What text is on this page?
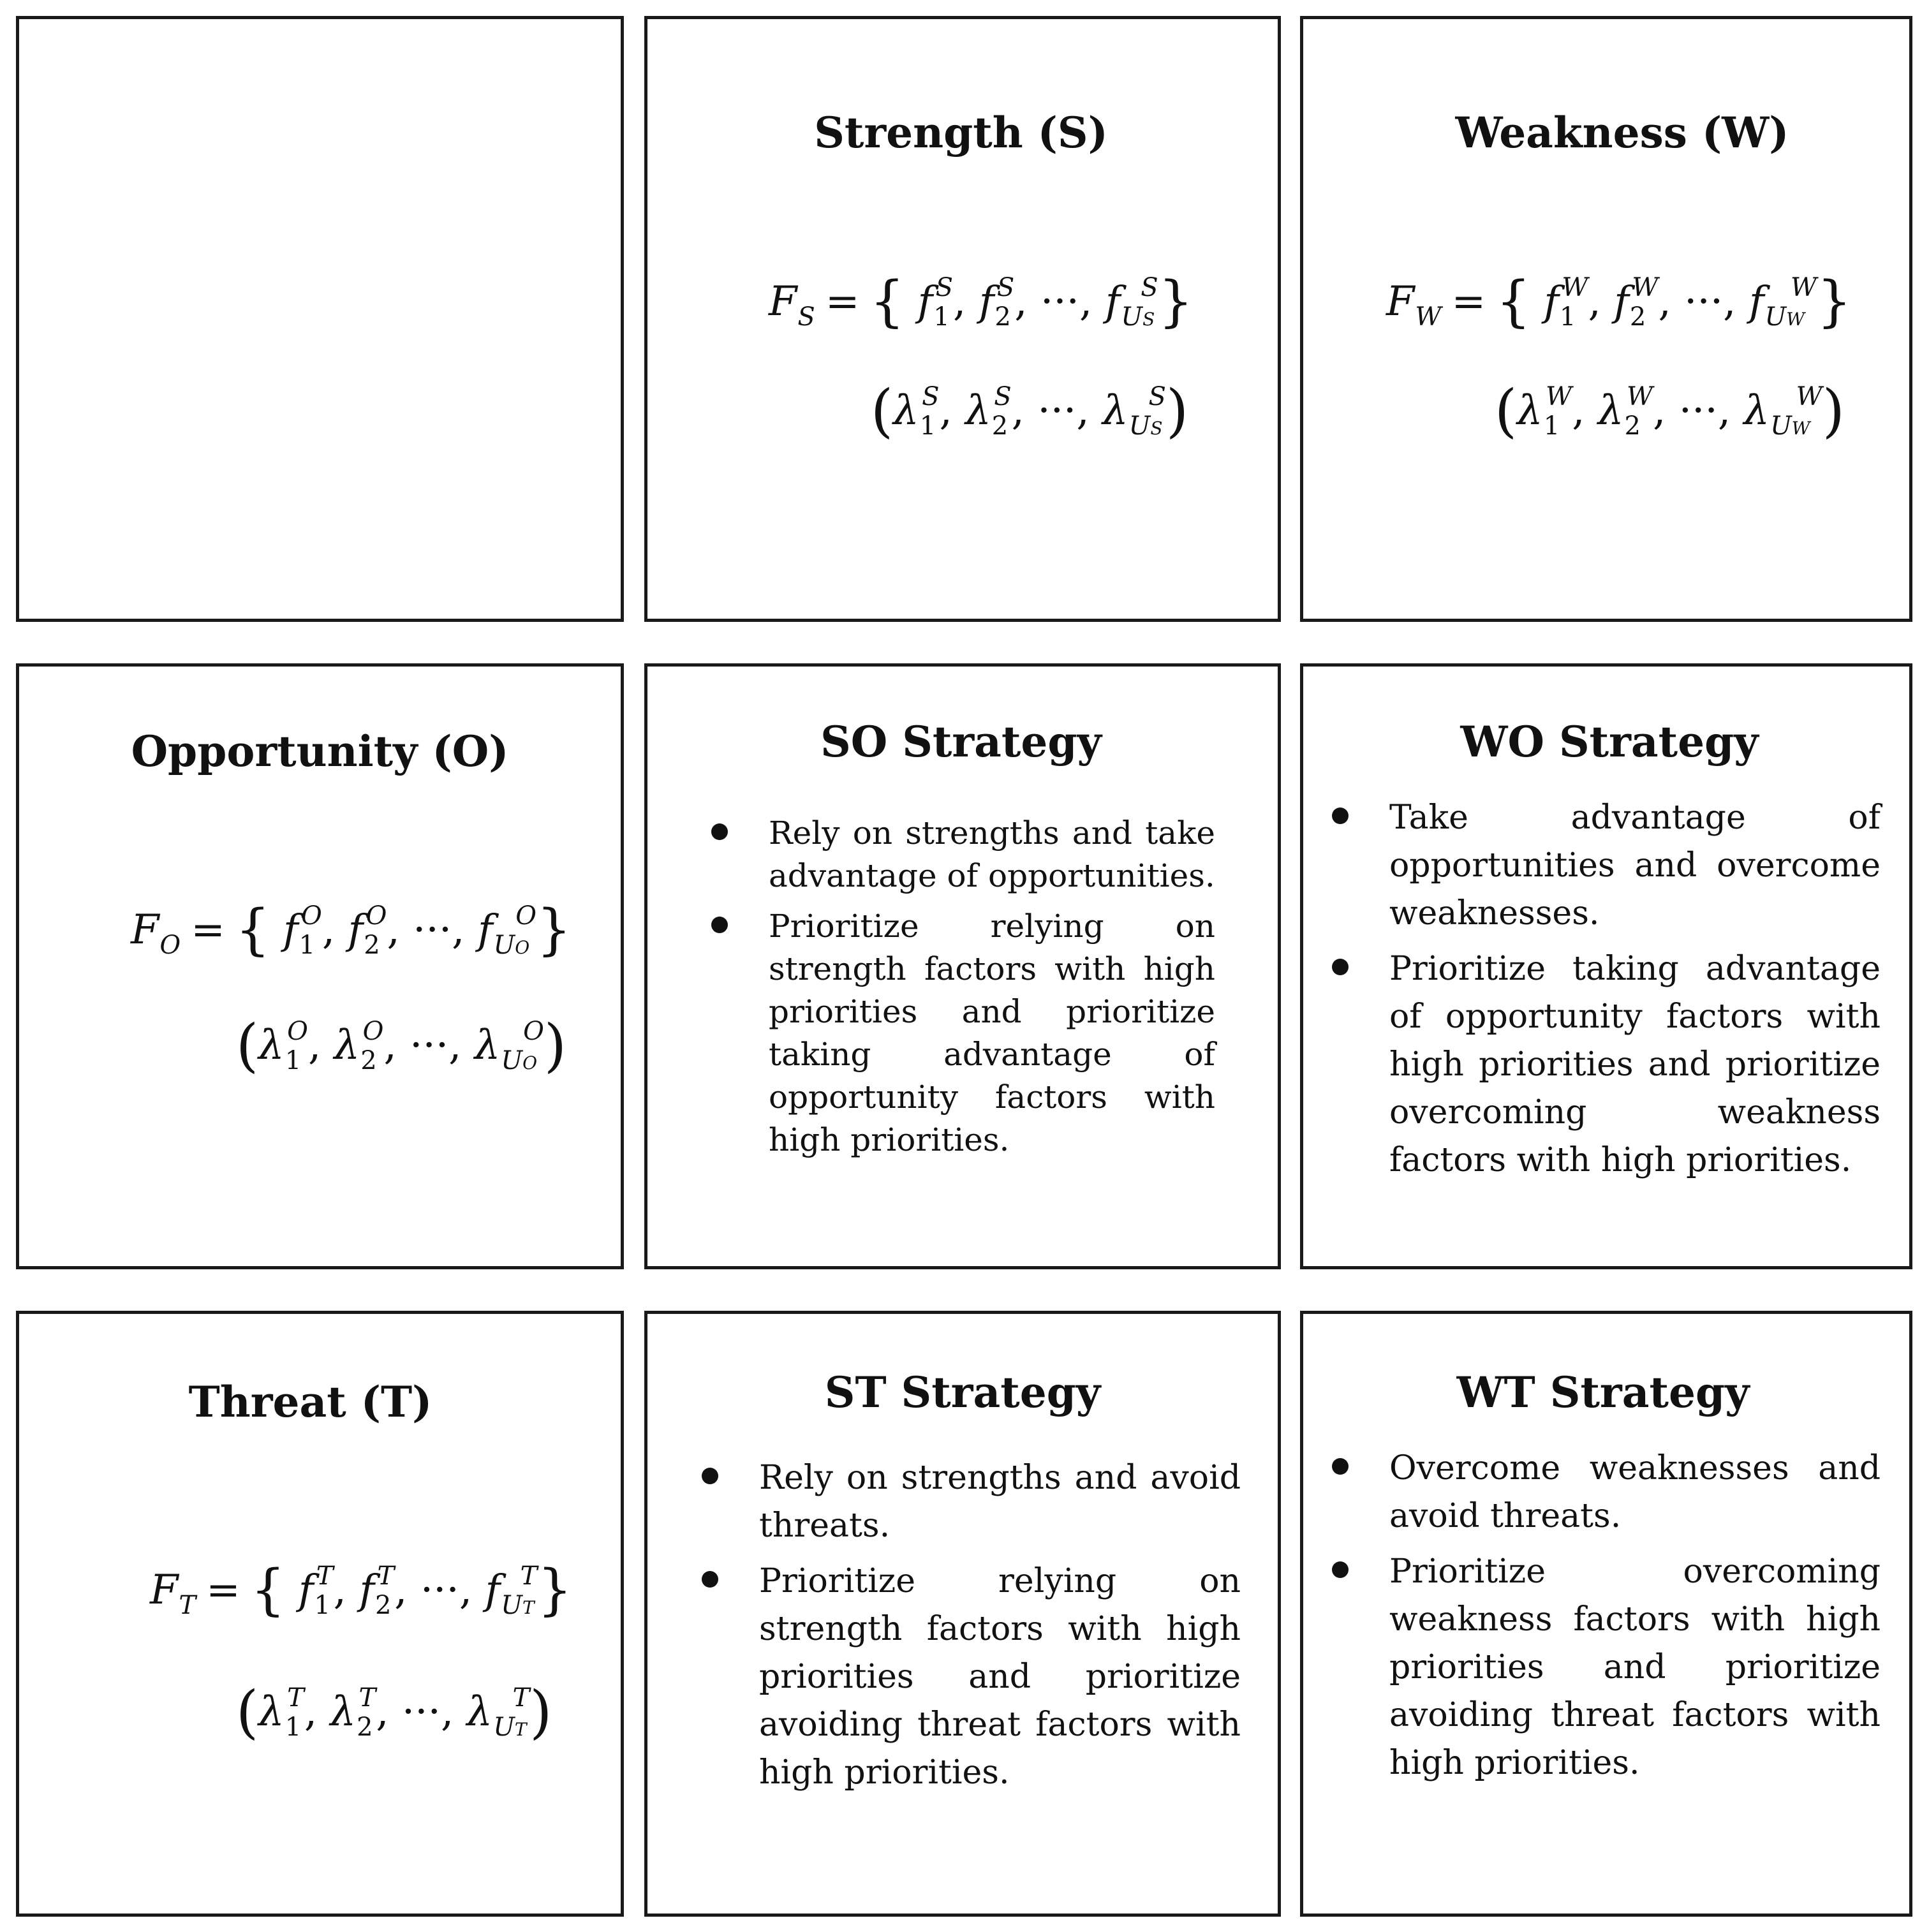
Strength (S)
$F_S$ = { $f_1^S$, $f_2^S$, ···, $f_{US}^S$}
($\lambda_1^S$, $\lambda_2^S$, ···, $\lambda_{US}^S$)
Weakness (W)
$F_W$ = { $f_1^W$, $f_2^W$, ···, $f_{UW}^W$}
($\lambda_1^W$, $\lambda_2^W$, ···, $\lambda_{UW}^W$)
Opportunity (O)
$F_O$ = { $f_1^O$, $f_2^O$, ···, $f_{UO}^O$}
($\lambda_1^O$, $\lambda_2^O$, ···, $\lambda_{UO}^O$)
SO Strategy
Rely on strengths and take advantage of opportunities.
Prioritize relying on strength factors with high priorities and prioritize taking advantage of opportunity factors with high priorities.
WO Strategy
Take advantage of opportunities and overcome weaknesses.
Prioritize taking advantage of opportunity factors with high priorities and prioritize overcoming weakness factors with high priorities.
Threat (T)
$F_T$ = { $f_1^T$, $f_2^T$, ···, $f_{UT}^T$}
($\lambda_1^T$, $\lambda_2^T$, ···, $\lambda_{UT}^T$)
ST Strategy
Rely on strengths and avoid threats.
Prioritize relying on strength factors with high priorities and prioritize avoiding threat factors with high priorities.
WT Strategy
Overcome weaknesses and avoid threats.
Prioritize overcoming weakness factors with high priorities and prioritize avoiding threat factors with high priorities.
